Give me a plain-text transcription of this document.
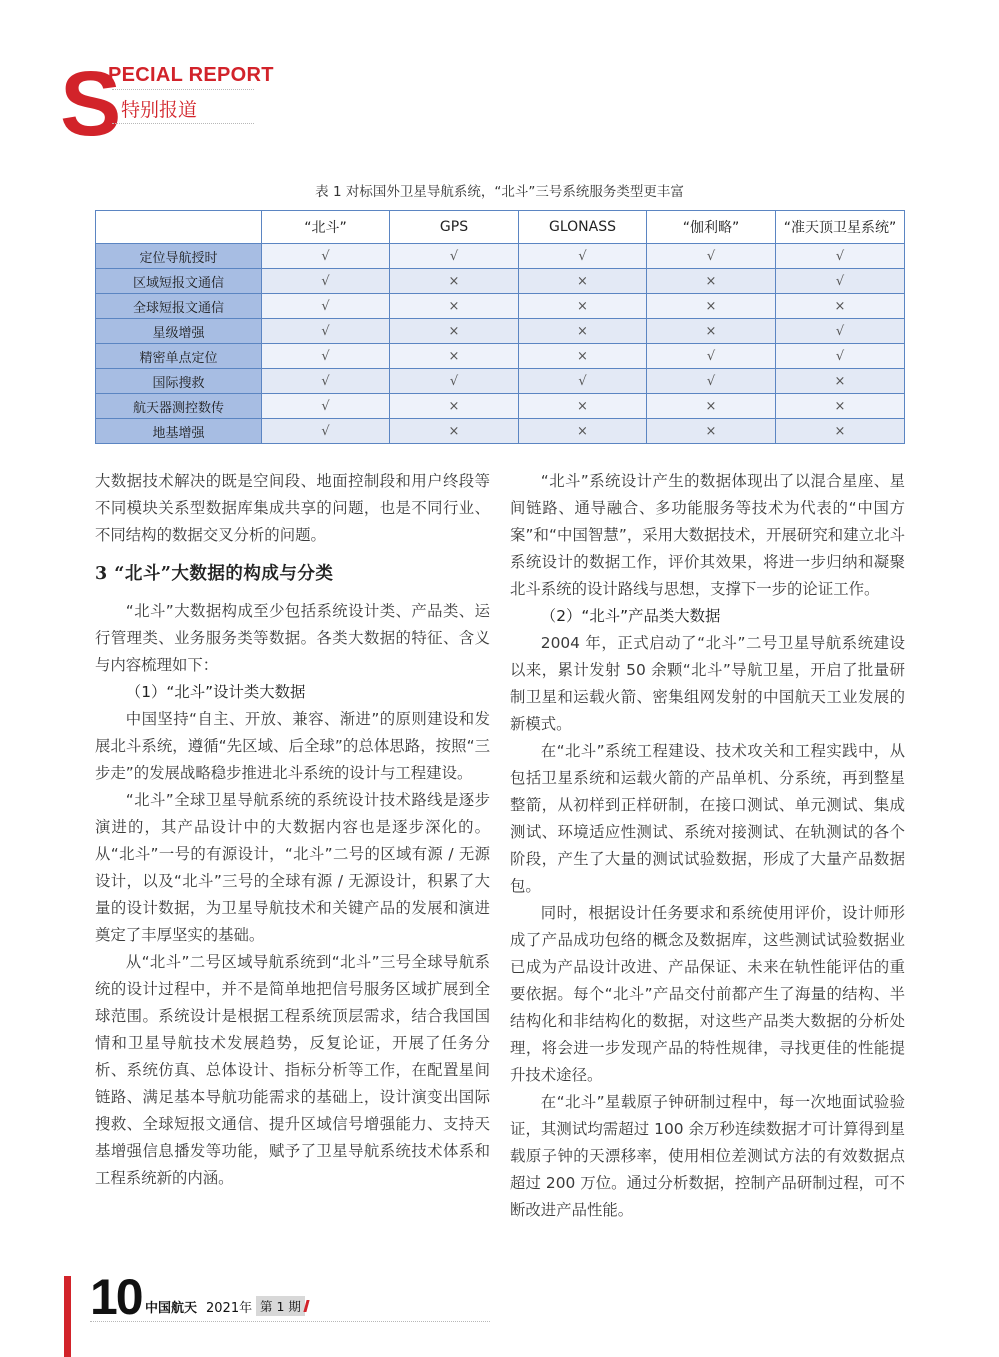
S
PECIAL REPORT
特别报道
表 1 对标国外卫星导航系统，“北斗”三号系统服务类型更丰富
	“北斗”	GPS	GLONASS	“伽利略”	“准天顶卫星系统”
定位导航授时	√	√	√	√	√
区域短报文通信	√	×	×	×	√
全球短报文通信	√	×	×	×	×
星级增强	√	×	×	×	√
精密单点定位	√	×	×	√	√
国际搜救	√	√	√	√	×
航天器测控数传	√	×	×	×	×
地基增强	√	×	×	×	×

大数据技术解决的既是空间段、地面控制段和用户终段等不同模块关系型数据库集成共享的问题，也是不同行业、不同结构的数据交叉分析的问题。

3 “北斗”大数据的构成与分类

“北斗”大数据构成至少包括系统设计类、产品类、运行管理类、业务服务类等数据。各类大数据的特征、含义与内容梳理如下：

（1）“北斗”设计类大数据

中国坚持“自主、开放、兼容、渐进”的原则建设和发展北斗系统，遵循“先区域、后全球”的总体思路，按照“三步走”的发展战略稳步推进北斗系统的设计与工程建设。

“北斗”全球卫星导航系统的系统设计技术路线是逐步演进的，其产品设计中的大数据内容也是逐步深化的。从“北斗”一号的有源设计，“北斗”二号的区域有源 / 无源设计，以及“北斗”三号的全球有源 / 无源设计，积累了大量的设计数据，为卫星导航技术和关键产品的发展和演进奠定了丰厚坚实的基础。

从“北斗”二号区域导航系统到“北斗”三号全球导航系统的设计过程中，并不是简单地把信号服务区域扩展到全球范围。系统设计是根据工程系统顶层需求，结合我国国情和卫星导航技术发展趋势，反复论证，开展了任务分析、系统仿真、总体设计、指标分析等工作，在配置星间链路、满足基本导航功能需求的基础上，设计演变出国际搜救、全球短报文通信、提升区域信号增强能力、支持天基增强信息播发等功能，赋予了卫星导航系统技术体系和工程系统新的内涵。

“北斗”系统设计产生的数据体现出了以混合星座、星间链路、通导融合、多功能服务等技术为代表的“中国方案”和“中国智慧”，采用大数据技术，开展研究和建立北斗系统设计的数据工作，评价其效果，将进一步归纳和凝聚北斗系统的设计路线与思想，支撑下一步的论证工作。

（2）“北斗”产品类大数据

2004 年，正式启动了“北斗”二号卫星导航系统建设以来，累计发射 50 余颗“北斗”导航卫星，开启了批量研制卫星和运载火箭、密集组网发射的中国航天工业发展的新模式。

在“北斗”系统工程建设、技术攻关和工程实践中，从包括卫星系统和运载火箭的产品单机、分系统，再到整星整箭，从初样到正样研制，在接口测试、单元测试、集成测试、环境适应性测试、系统对接测试、在轨测试的各个阶段，产生了大量的测试试验数据，形成了大量产品数据包。

同时，根据设计任务要求和系统使用评价，设计师形成了产品成功包络的概念及数据库，这些测试试验数据业已成为产品设计改进、产品保证、未来在轨性能评估的重要依据。每个“北斗”产品交付前都产生了海量的结构、半结构化和非结构化的数据，对这些产品类大数据的分析处理，将会进一步发现产品的特性规律，寻找更佳的性能提升技术途径。

在“北斗”星载原子钟研制过程中，每一次地面试验验证，其测试均需超过 100 余万秒连续数据才可计算得到星载原子钟的天漂移率，使用相位差测试方法的有效数据点超过 200 万位。通过分析数据，控制产品研制过程，可不断改进产品性能。

10 中国航天 2021年 第 1 期
